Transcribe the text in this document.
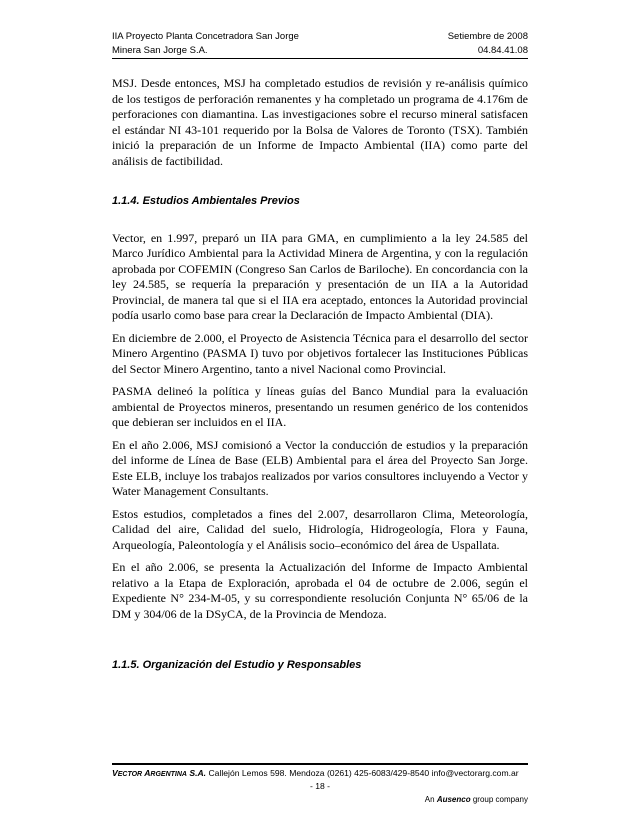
IIA Proyecto Planta Concetradora San Jorge	Setiembre de 2008
Minera San Jorge S.A.	04.84.41.08

MSJ. Desde entonces, MSJ ha completado estudios de revisión y re-análisis químico de los testigos de perforación remanentes y ha completado un programa de 4.176m de perforaciones con diamantina. Las investigaciones sobre el recurso mineral satisfacen el estándar NI 43-101 requerido por la Bolsa de Valores de Toronto (TSX). También inició la preparación de un Informe de Impacto Ambiental (IIA) como parte del análisis de factibilidad.

1.1.4. Estudios Ambientales Previos

Vector, en 1.997, preparó un IIA para GMA, en cumplimiento a la ley 24.585 del Marco Jurídico Ambiental para la Actividad Minera de Argentina, y con la regulación aprobada por COFEMIN (Congreso San Carlos de Bariloche). En concordancia con la ley 24.585, se requería la preparación y presentación de un IIA a la Autoridad Provincial, de manera tal que si el IIA era aceptado, entonces la Autoridad provincial podía usarlo como base para crear la Declaración de Impacto Ambiental (DIA).

En diciembre de 2.000, el Proyecto de Asistencia Técnica para el desarrollo del sector Minero Argentino (PASMA I) tuvo por objetivos fortalecer las Instituciones Públicas del Sector Minero Argentino, tanto a nivel Nacional como Provincial.

PASMA delineó la política y líneas guías del Banco Mundial para la evaluación ambiental de Proyectos mineros, presentando un resumen genérico de los contenidos que debieran ser incluidos en el IIA.

En el año 2.006, MSJ comisionó a Vector la conducción de estudios y la preparación del informe de Línea de Base (ELB) Ambiental para el área del Proyecto San Jorge. Este ELB, incluye los trabajos realizados por varios consultores incluyendo a Vector y Water Management Consultants.

Estos estudios, completados a fines del 2.007, desarrollaron Clima, Meteorología, Calidad del aire, Calidad del suelo, Hidrología, Hidrogeología, Flora y Fauna, Arqueología, Paleontología y el Análisis socio–económico del área de Uspallata.

En el año 2.006, se presenta la Actualización del Informe de Impacto Ambiental relativo a la Etapa de Exploración, aprobada el 04 de octubre de 2.006, según el Expediente N° 234-M-05, y su correspondiente resolución Conjunta N° 65/06 de la DM y 304/06 de la DSyCA, de la Provincia de Mendoza.

1.1.5. Organización del Estudio y Responsables
VECTOR ARGENTINA S.A. Callejón Lemos 598. Mendoza (0261) 425-6083/429-8540 info@vectorarg.com.ar
- 18 -
An Ausenco group company
